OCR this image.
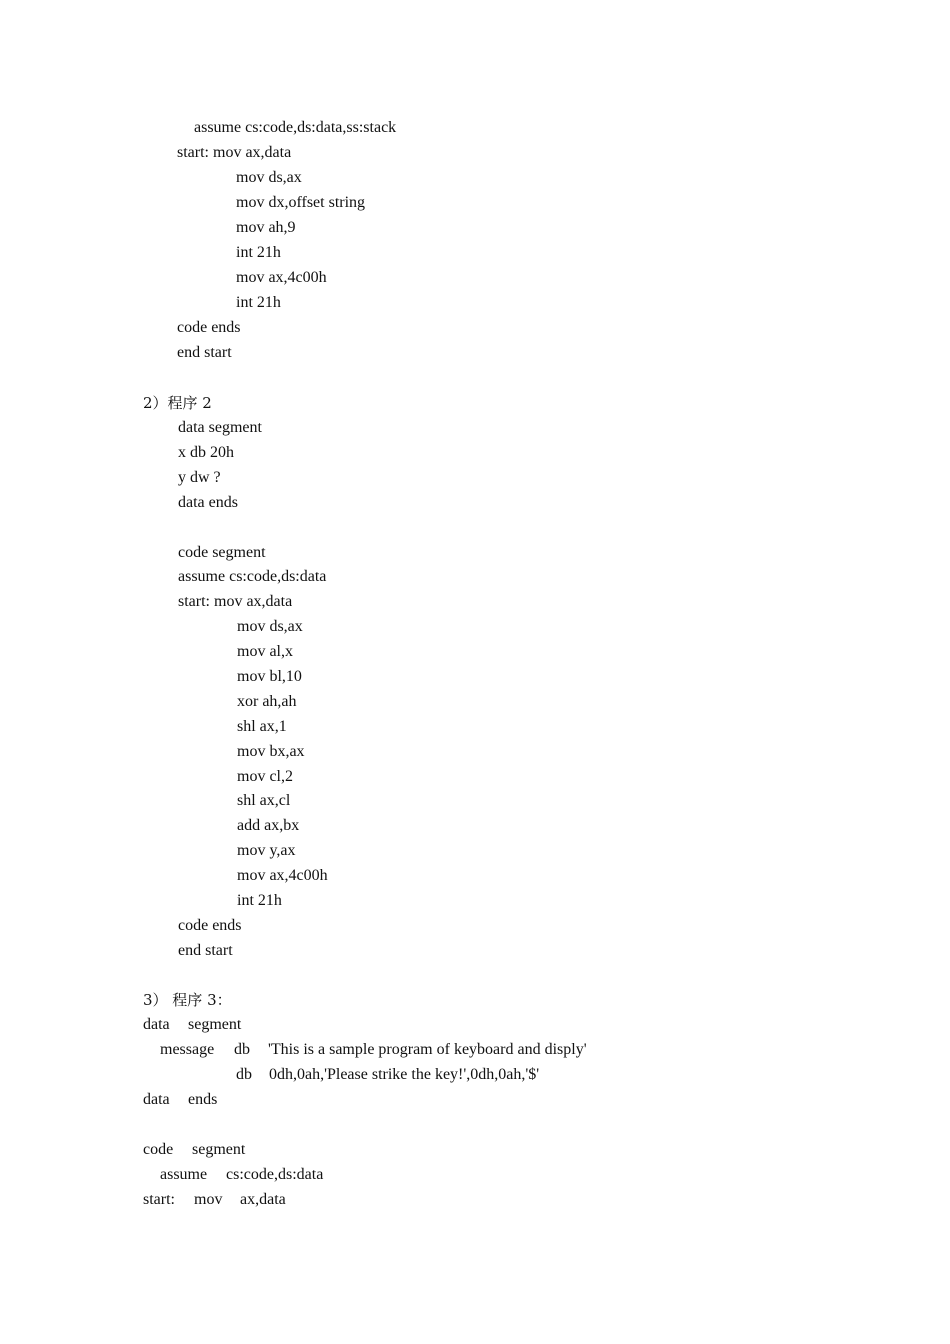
assume cs:code,ds:data,ss:stack
start: mov ax,data
mov ds,ax
mov dx,offset string
mov ah,9
int 21h
mov ax,4c00h
int 21h
code ends
end start
2）程序 2
data segment
x db 20h
y dw ?
data ends
code segment
assume cs:code,ds:data
start: mov ax,data
mov ds,ax
mov al,x
mov bl,10
xor ah,ah
shl ax,1
mov bx,ax
mov cl,2
shl ax,cl
add ax,bx
mov y,ax
mov ax,4c00h
int 21h
code ends
end start
3） 程序 3：

data

segment

message

db

'This is a sample program of keyboard and disply'

db

0dh,0ah,'Please strike the key!',0dh,0ah,'$'

data

ends

code

segment

assume

cs:code,ds:data

start:

mov

ax,data
